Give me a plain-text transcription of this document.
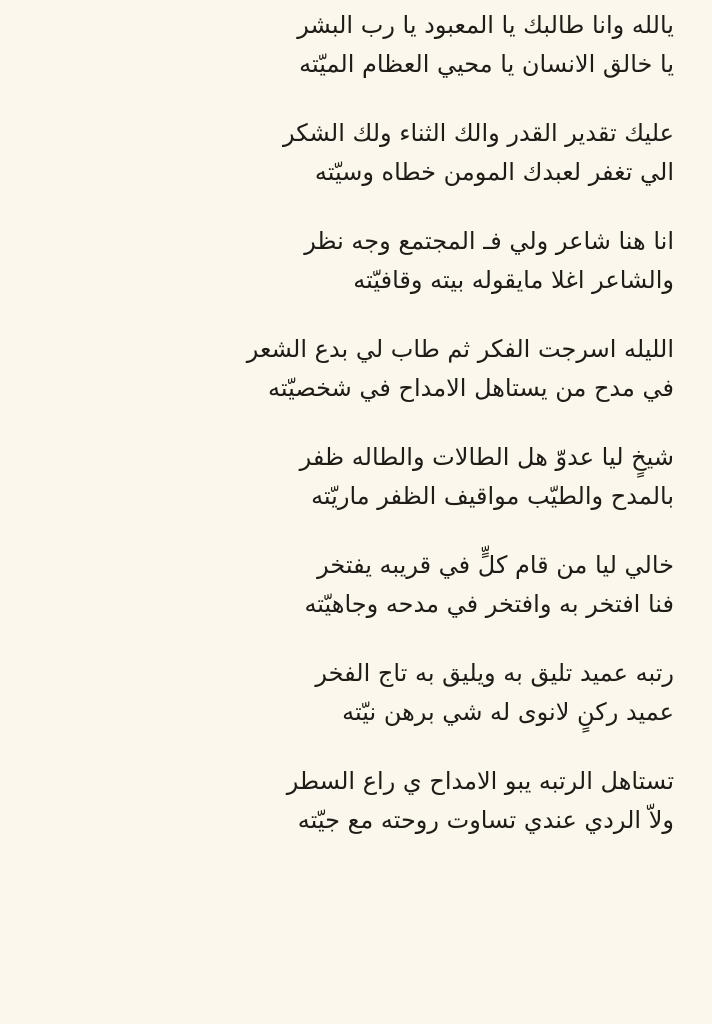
يالله وانا طالبك يا المعبود يا رب البشر
يا خالق الانسان يا محيي العظام الميّته
عليك تقدير القدر والك الثناء ولك الشكر
الي تغفر لعبدك المومن خطاه وسيّته
انا هنا شاعر ولي فـ المجتمع وجه نظر
والشاعر اغلا مايقوله بيته وقافيّته
الليله اسرجت الفكر ثم طاب لي بدع الشعر
في مدح من يستاهل الامداح في شخصيّته
شيخٍ ليا عدوّ هل الطالات والطاله ظفر
بالمدح والطيّب مواقيف الظفر ماريّته
خالي ليا من قام كلٍّ في قريبه يفتخر
فنا افتخر به وافتخر في مدحه وجاهيّته
رتبه عميد تليق به ويليق به تاج الفخر
عميد ركنٍ لانوى له شي برهن نيّته
تستاهل الرتبه يبو الامداح ي راع السطر
ولاّ الردي عندي تساوت روحته مع جيّته
